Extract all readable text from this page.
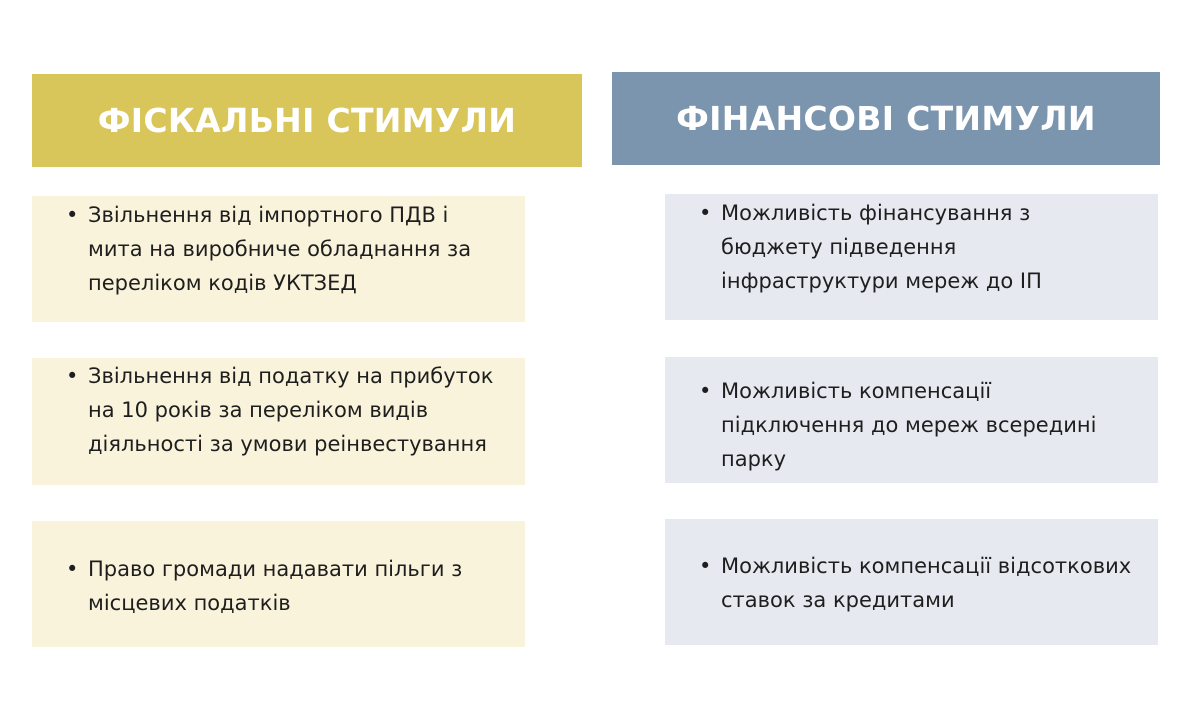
ФІСКАЛЬНІ СТИМУЛИ	ФІНАНСОВІ СТИМУЛИ
• Звільнення від імпортного ПДВ і мита на виробниче обладнання за переліком кодів УКТЗЕД
• Звільнення від податку на прибуток на 10 років за переліком видів діяльності за умови реінвестування
• Право громади надавати пільги з місцевих податків
• Можливість фінансування з бюджету підведення інфраструктури мереж до ІП
• Можливість компенсації підключення до мереж всередині парку
• Можливість компенсації відсоткових ставок за кредитами
